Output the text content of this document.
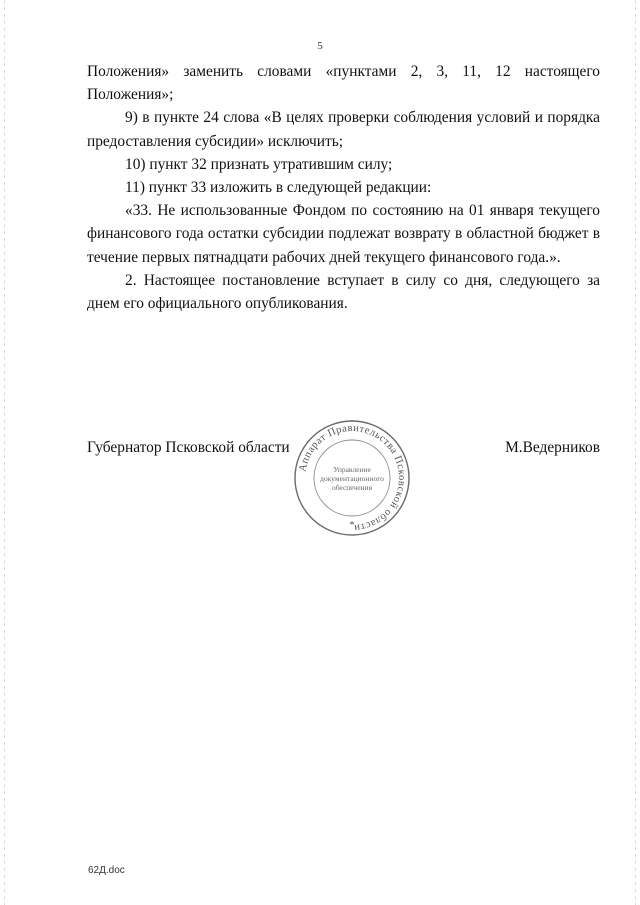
5

Положения» заменить словами «пунктами 2, 3, 11, 12 настоящего Положения»;

9) в пункте 24 слова «В целях проверки соблюдения условий и порядка предоставления субсидии» исключить;

10) пункт 32 признать утратившим силу;

11) пункт 33 изложить в следующей редакции:

«33. Не использованные Фондом по состоянию на 01 января текущего финансового года остатки субсидии подлежат возврату в областной бюджет в течение первых пятнадцати рабочих дней текущего финансового года.».

2. Настоящее постановление вступает в силу со дня, следующего за днем его официального опубликования.

Губернатор Псковской области	М.Ведерников
Аппарат Правительства Псковской области
Управление
документационного
обеспечения
*
62Д.doc
